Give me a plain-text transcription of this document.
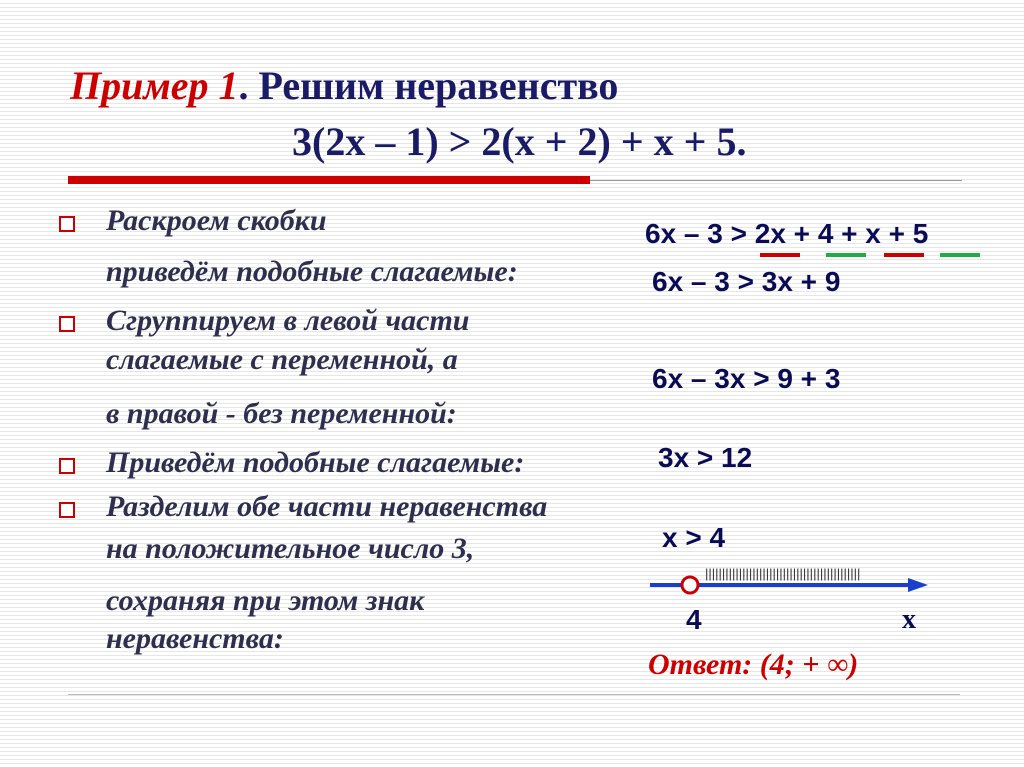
Пример 1. Решим неравенство
3(2x – 1) > 2(x + 2) + x + 5.
Раскроем скобки
приведём подобные слагаемые:
Сгруппируем в левой части
слагаемые с переменной, а
в правой - без переменной:
Приведём подобные слагаемые:
Разделим обе части неравенства
на положительное число 3,
сохраняя при этом знак
неравенства:
6x – 3 > 2x + 4 + x + 5
6x – 3 > 3x + 9
6x – 3x > 9 + 3
3x > 12
x > 4
||||||||||||||||||||||||||||||||||||||||||||||
4	x
Ответ: (4; + ∞)
